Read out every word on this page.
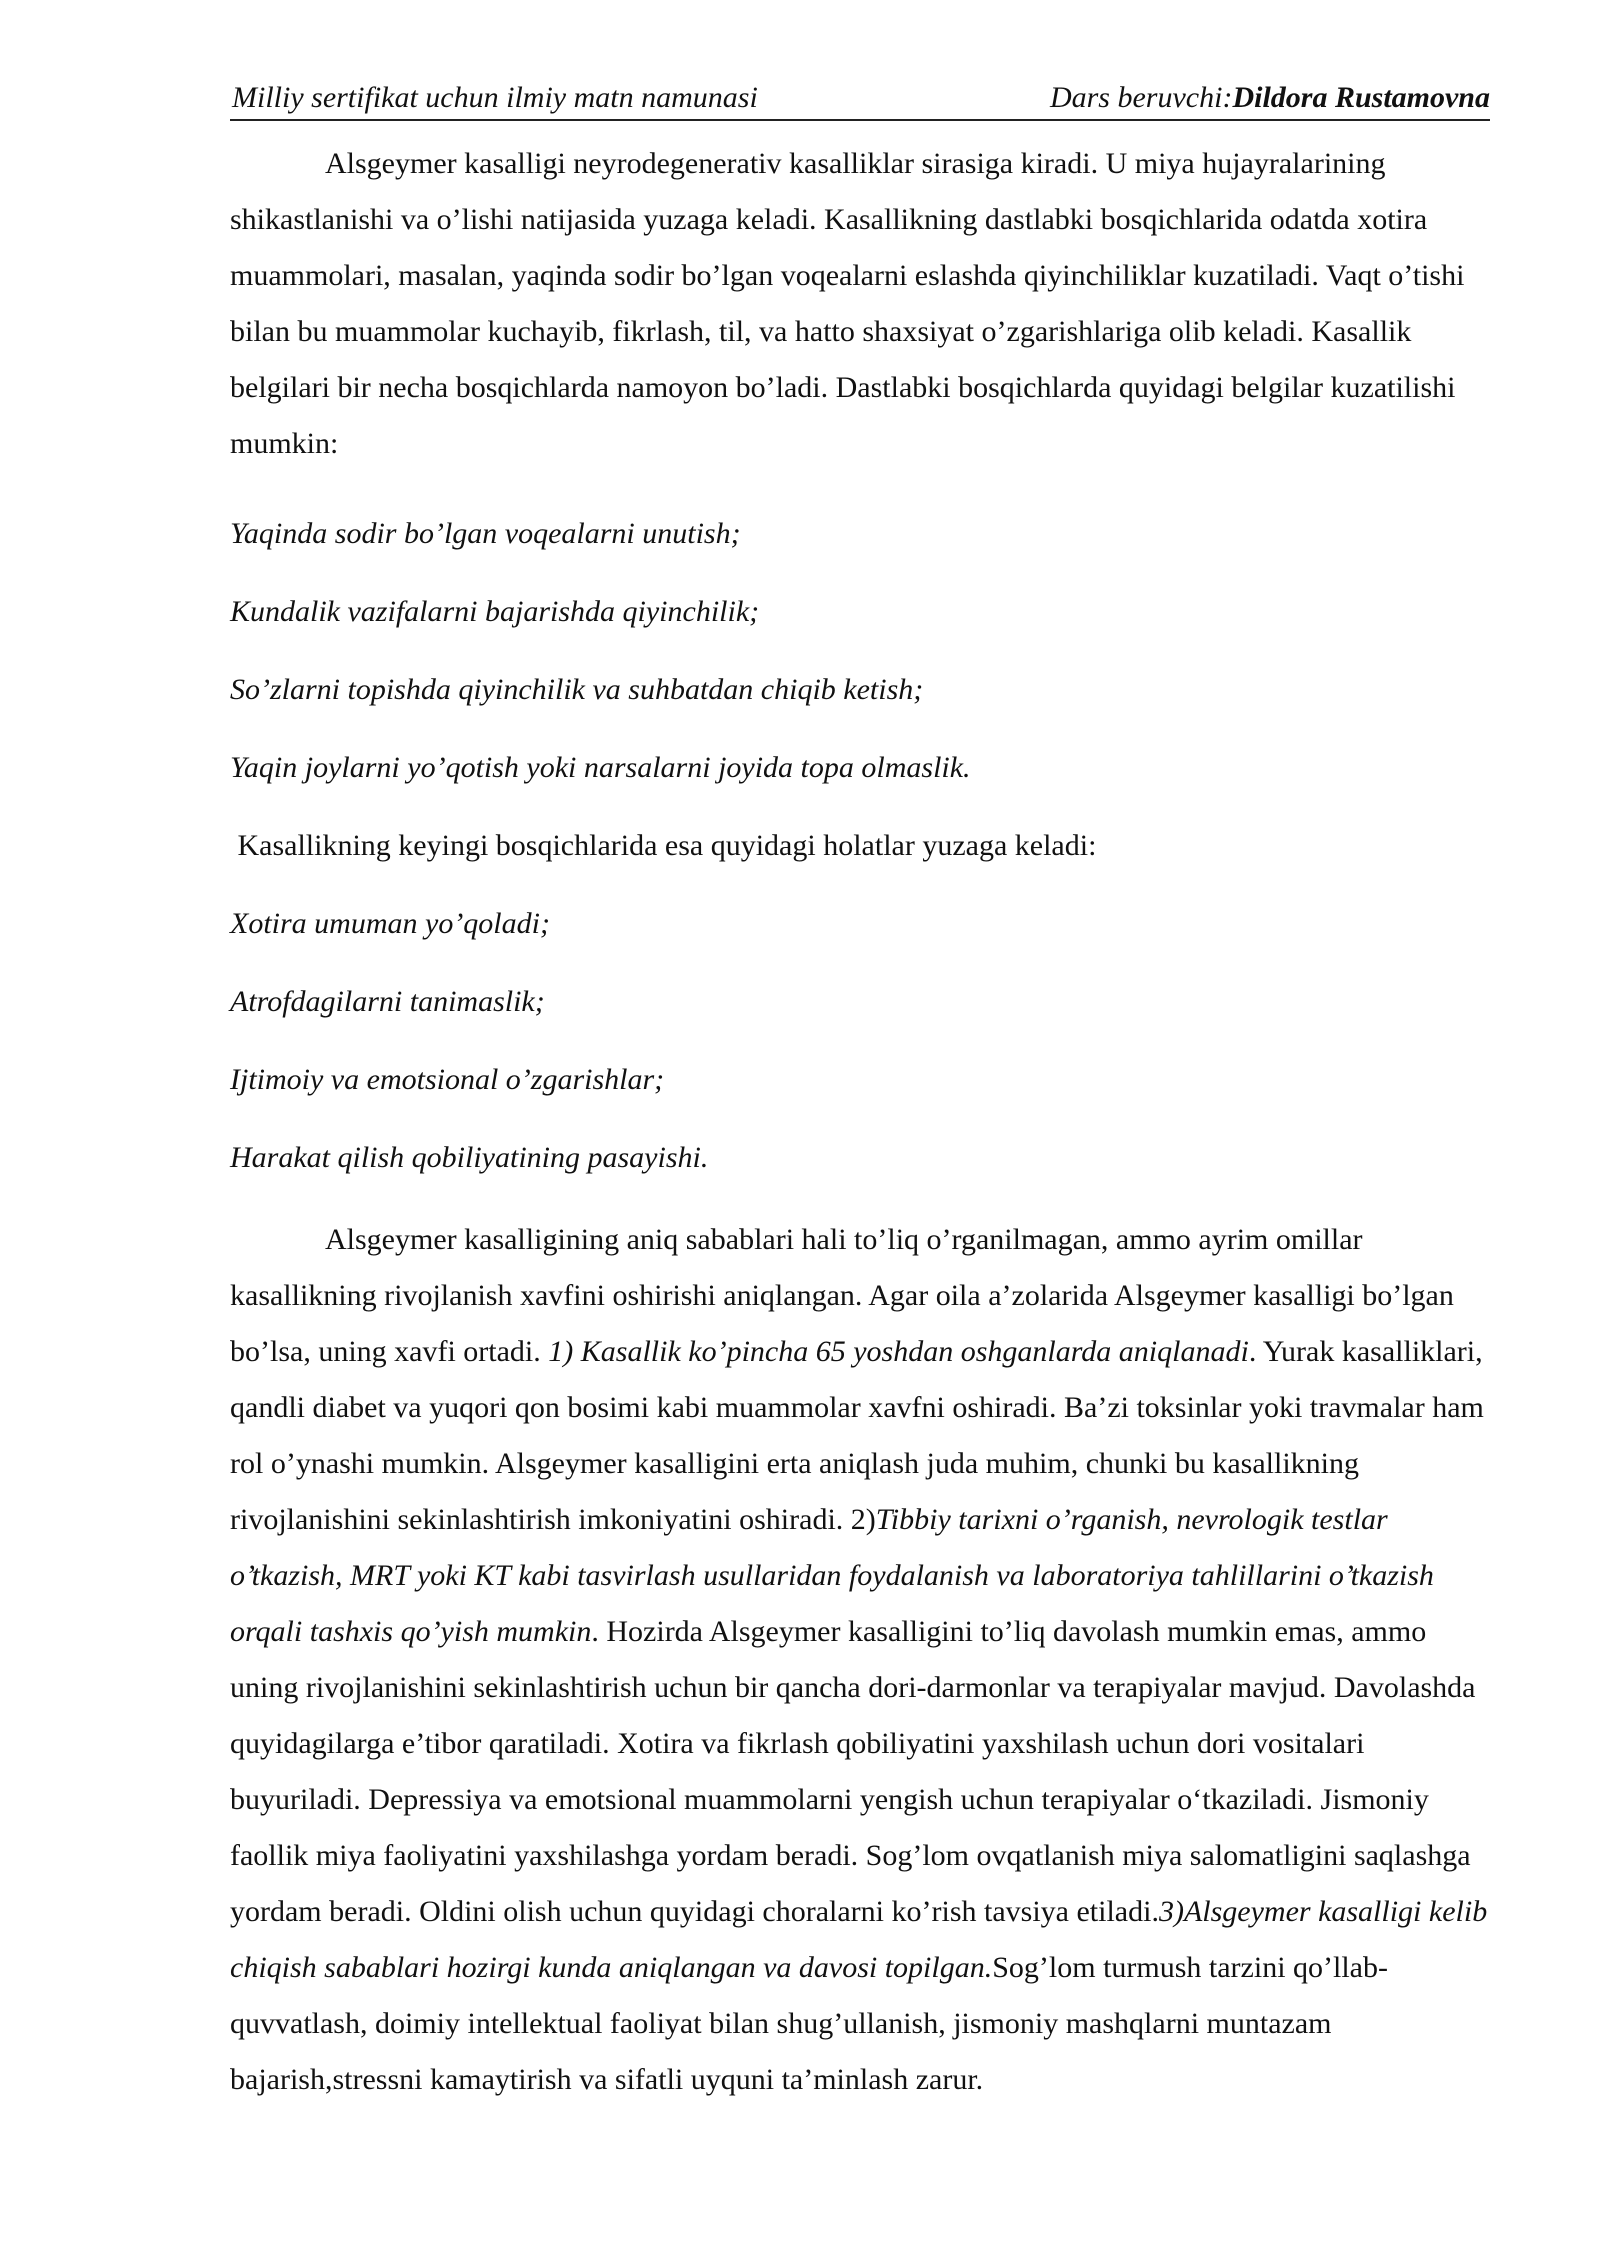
Milliy sertifikat uchun ilmiy matn namunasi	Dars beruvchi:Dildora Rustamovna

Alsgeymer kasalligi neyrodegenerativ kasalliklar sirasiga kiradi. U miya hujayralarining shikastlanishi va o’lishi natijasida yuzaga keladi. Kasallikning dastlabki bosqichlarida odatda xotira muammolari, masalan, yaqinda sodir bo’lgan voqealarni eslashda qiyinchiliklar kuzatiladi. Vaqt o’tishi bilan bu muammolar kuchayib, fikrlash, til, va hatto shaxsiyat o’zgarishlariga olib keladi. Kasallik belgilari bir necha bosqichlarda namoyon bo’ladi. Dastlabki bosqichlarda quyidagi belgilar kuzatilishi mumkin:

Yaqinda sodir bo’lgan voqealarni unutish;

Kundalik vazifalarni bajarishda qiyinchilik;

So’zlarni topishda qiyinchilik va suhbatdan chiqib ketish;

Yaqin joylarni yo’qotish yoki narsalarni joyida topa olmaslik.

Kasallikning keyingi bosqichlarida esa quyidagi holatlar yuzaga keladi:

Xotira umuman yo’qoladi;

Atrofdagilarni tanimaslik;

Ijtimoiy va emotsional o’zgarishlar;

Harakat qilish qobiliyatining pasayishi.

Alsgeymer kasalligining aniq sabablari hali to’liq o’rganilmagan, ammo ayrim omillar kasallikning rivojlanish xavfini oshirishi aniqlangan. Agar oila a’zolarida Alsgeymer kasalligi bo’lgan bo’lsa, uning xavfi ortadi. 1) Kasallik ko’pincha 65 yoshdan oshganlarda aniqlanadi. Yurak kasalliklari, qandli diabet va yuqori qon bosimi kabi muammolar xavfni oshiradi. Ba’zi toksinlar yoki travmalar ham rol o’ynashi mumkin. Alsgeymer kasalligini erta aniqlash juda muhim, chunki bu kasallikning rivojlanishini sekinlashtirish imkoniyatini oshiradi. 2)Tibbiy tarixni o’rganish, nevrologik testlar o’tkazish, MRT yoki KT kabi tasvirlash usullaridan foydalanish va laboratoriya tahlillarini o’tkazish orqali tashxis qo’yish mumkin. Hozirda Alsgeymer kasalligini to’liq davolash mumkin emas, ammo uning rivojlanishini sekinlashtirish uchun bir qancha dori-darmonlar va terapiyalar mavjud. Davolashda quyidagilarga e’tibor qaratiladi. Xotira va fikrlash qobiliyatini yaxshilash uchun dori vositalari buyuriladi. Depressiya va emotsional muammolarni yengish uchun terapiyalar o‘tkaziladi. Jismoniy faollik miya faoliyatini yaxshilashga yordam beradi. Sog’lom ovqatlanish miya salomatligini saqlashga yordam beradi. Oldini olish uchun quyidagi choralarni ko’rish tavsiya etiladi.3)Alsgeymer kasalligi kelib chiqish sabablari hozirgi kunda aniqlangan va davosi topilgan.Sog’lom turmush tarzini qo’llab-quvvatlash, doimiy intellektual faoliyat bilan shug’ullanish, jismoniy mashqlarni muntazam bajarish,stressni kamaytirish va sifatli uyquni ta’minlash zarur.
